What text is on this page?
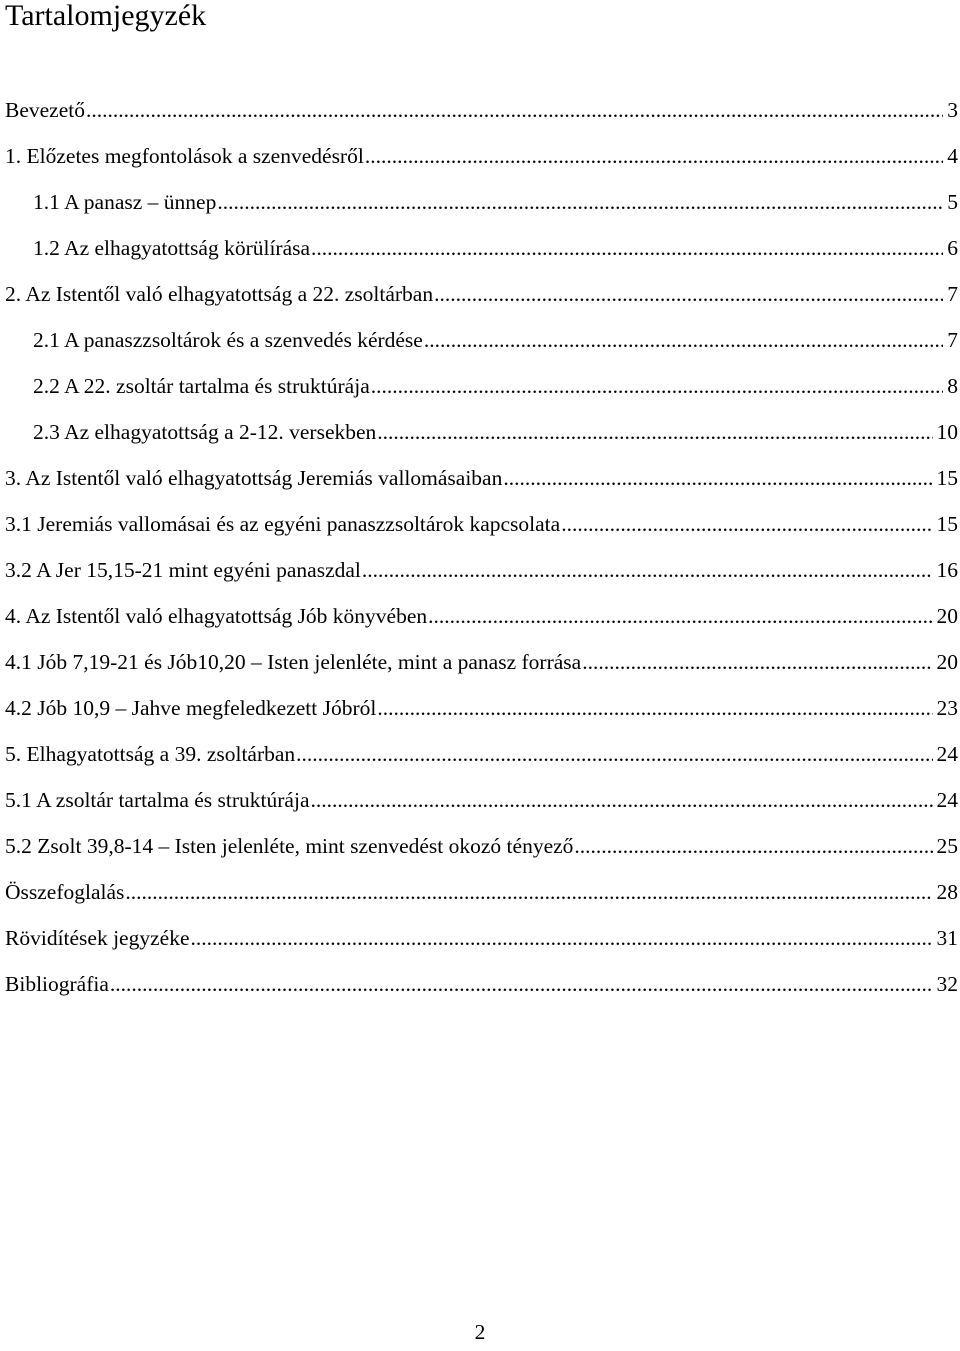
Tartalomjegyzék
Bevezető .....	3
1. Előzetes megfontolások a szenvedésről .....	4
1.1 A panasz – ünnep .....	5
1.2 Az elhagyatottság körülírása .....	6
2. Az Istentől való elhagyatottság a 22. zsoltárban .....	7
2.1 A panaszzsoltárok és a szenvedés kérdése .....	7
2.2 A 22. zsoltár tartalma és struktúrája .....	8
2.3 Az elhagyatottság a 2-12. versekben .....	10
3. Az Istentől való elhagyatottság Jeremiás vallomásaiban .....	15
3.1 Jeremiás vallomásai és az egyéni panaszzsoltárok kapcsolata .....	15
3.2 A Jer 15,15-21 mint egyéni panaszdal .....	16
4. Az Istentől való elhagyatottság Jób könyvében .....	20
4.1 Jób 7,19-21 és Jób10,20 – Isten jelenléte, mint a panasz forrása .....	20
4.2 Jób 10,9 – Jahve megfeledkezett Jóbról .....	23
5. Elhagyatottság a 39. zsoltárban .....	24
5.1 A zsoltár tartalma és struktúrája .....	24
5.2 Zsolt 39,8-14 – Isten jelenléte, mint szenvedést okozó tényező .....	25
Összefoglalás .....	28
Rövidítések jegyzéke .....	31
Bibliográfia .....	32
2
